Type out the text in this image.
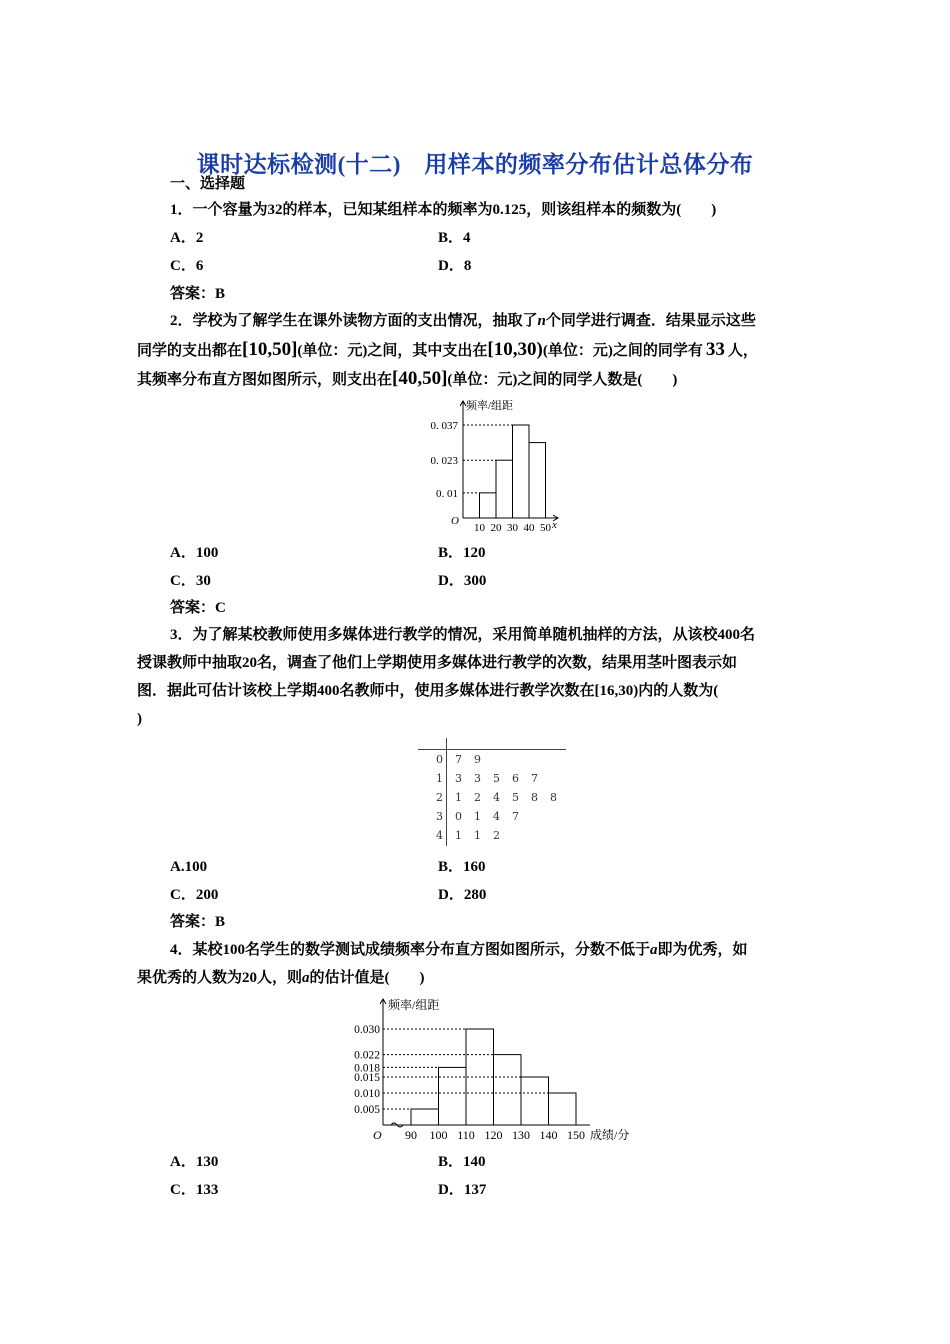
课时达标检测(十二)　用样本的频率分布估计总体分布
一、选择题
1．一个容量为32的样本，已知某组样本的频率为0.125，则该组样本的频数为(　　)
A．2	B．4
C．6	D．8
答案：B
2．学校为了解学生在课外读物方面的支出情况，抽取了n个同学进行调查．结果显示这些
同学的支出都在[10,50](单位：元)之间，其中支出在[10,30)(单位：元)之间的同学有 33 人，
其频率分布直方图如图所示，则支出在[40,50](单位：元)之间的同学人数是(　　)
频率/组距
O	x
0. 01
0. 023
0. 037
10 20 30 40 50
A．100	B．120
C．30	D．300
答案：C
3．为了解某校教师使用多媒体进行教学的情况，采用简单随机抽样的方法，从该校400名
授课教师中抽取20名，调查了他们上学期使用多媒体进行教学的次数，结果用茎叶图表示如
图．据此可估计该校上学期400名教师中，使用多媒体进行教学次数在[16,30)内的人数为(
)
0 7 9
1 3 3 5 6 7
2 1 2 4 5 8 8
3 0 1 4 7
4 1 1 2
A.100	B．160
C．200	D．280
答案：B
4．某校100名学生的数学测试成绩频率分布直方图如图所示，分数不低于a即为优秀，如
果优秀的人数为20人，则a的估计值是(　　)
频率/组距
O	成绩/分
0.005
0.010
0.015
0.018
0.022
0.030
90 100 110 120 130 140 150
A．130	B．140
C．133	D．137
